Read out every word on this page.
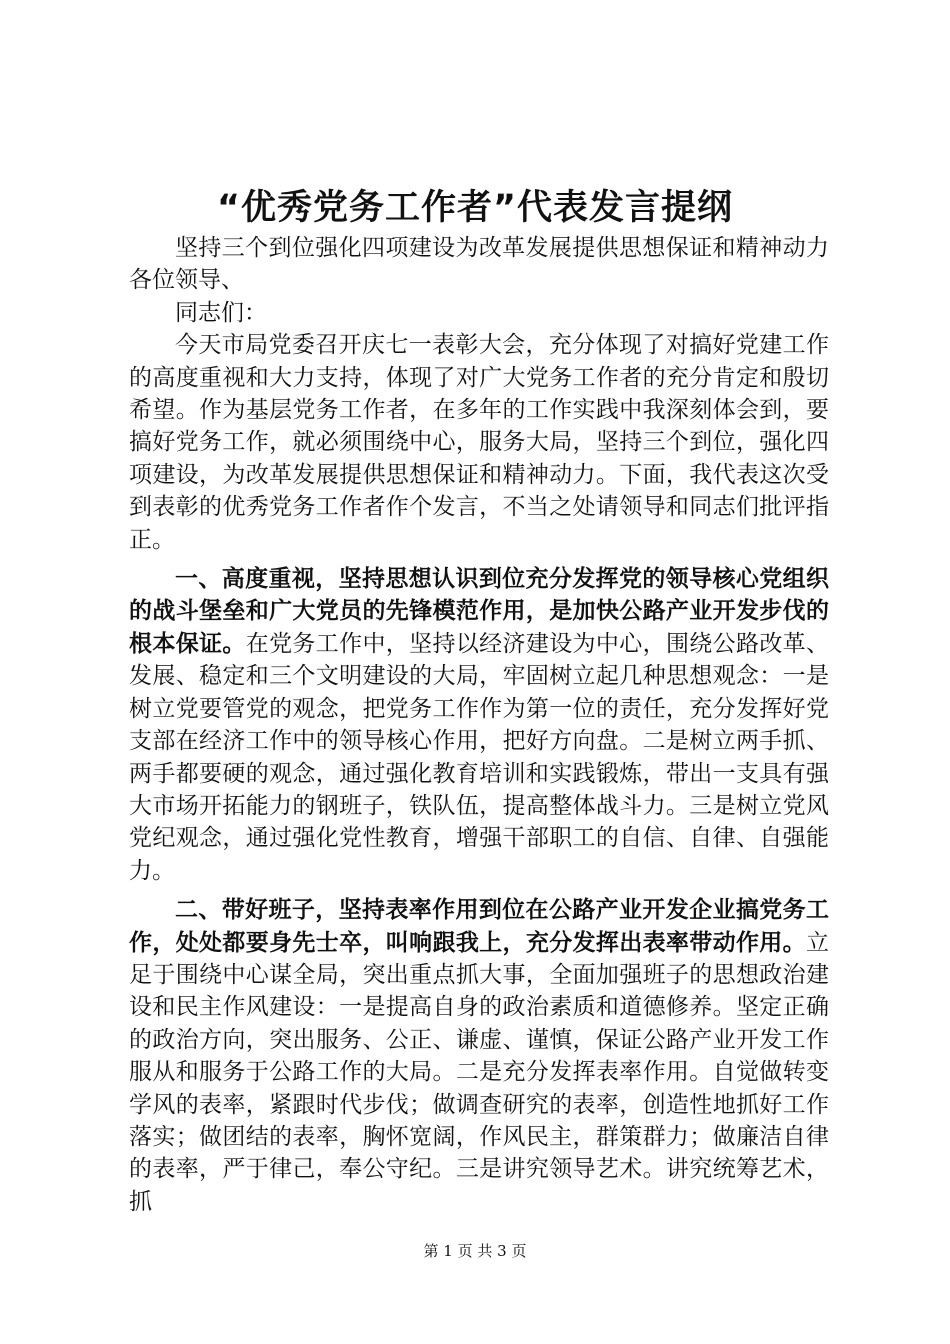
“优秀党务工作者”代表发言提纲

坚持三个到位强化四项建设为改革发展提供思想保证和精神动力各位领导、

同志们：

今天市局党委召开庆七一表彰大会，充分体现了对搞好党建工作的高度重视和大力支持，体现了对广大党务工作者的充分肯定和殷切希望。作为基层党务工作者，在多年的工作实践中我深刻体会到，要搞好党务工作，就必须围绕中心，服务大局，坚持三个到位，强化四项建设，为改革发展提供思想保证和精神动力。下面，我代表这次受到表彰的优秀党务工作者作个发言，不当之处请领导和同志们批评指正。

一、高度重视，坚持思想认识到位充分发挥党的领导核心党组织的战斗堡垒和广大党员的先锋模范作用，是加快公路产业开发步伐的根本保证。在党务工作中，坚持以经济建设为中心，围绕公路改革、发展、稳定和三个文明建设的大局，牢固树立起几种思想观念：一是树立党要管党的观念，把党务工作作为第一位的责任，充分发挥好党支部在经济工作中的领导核心作用，把好方向盘。二是树立两手抓、两手都要硬的观念，通过强化教育培训和实践锻炼，带出一支具有强大市场开拓能力的钢班子，铁队伍，提高整体战斗力。三是树立党风党纪观念，通过强化党性教育，增强干部职工的自信、自律、自强能力。

二、带好班子，坚持表率作用到位在公路产业开发企业搞党务工作，处处都要身先士卒，叫响跟我上，充分发挥出表率带动作用。立足于围绕中心谋全局，突出重点抓大事，全面加强班子的思想政治建设和民主作风建设：一是提高自身的政治素质和道德修养。坚定正确的政治方向，突出服务、公正、谦虚、谨慎，保证公路产业开发工作服从和服务于公路工作的大局。二是充分发挥表率作用。自觉做转变学风的表率，紧跟时代步伐；做调查研究的表率，创造性地抓好工作落实；做团结的表率，胸怀宽阔，作风民主，群策群力；做廉洁自律的表率，严于律己，奉公守纪。三是讲究领导艺术。讲究统筹艺术，抓

第 1 页 共 3 页
